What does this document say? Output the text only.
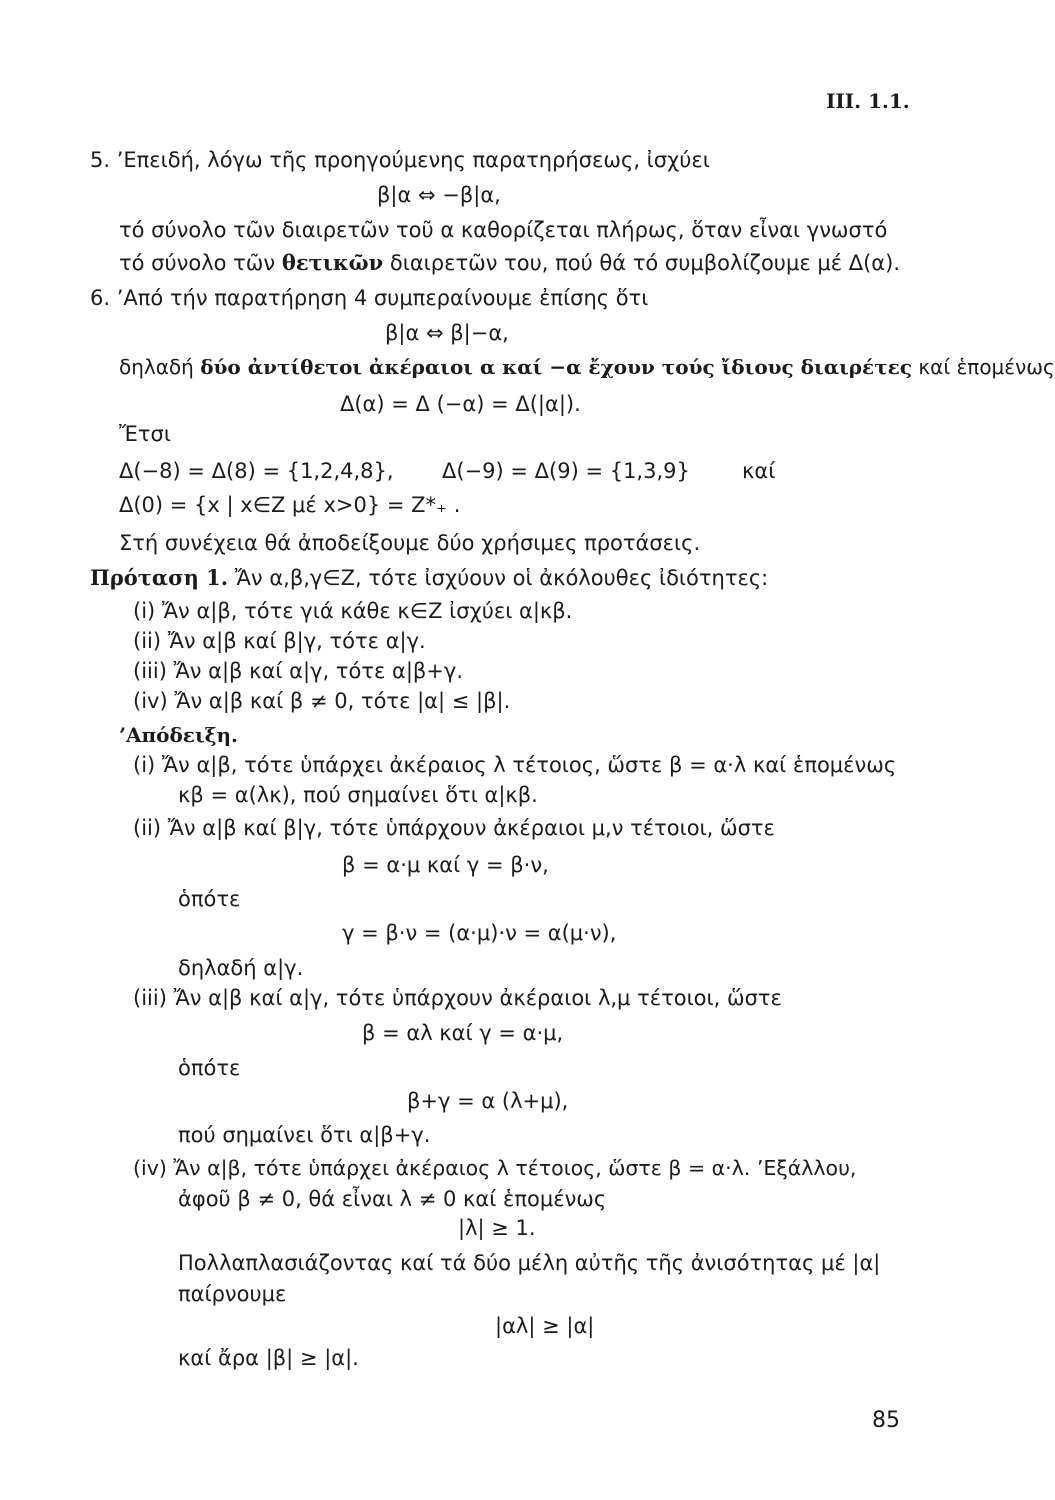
III. 1.1.
5. ’Επειδή, λόγω τῆς προηγούμενης παρατηρήσεως, ἰσχύει
β|α ⇔ −β|α,
τό σύνολο τῶν διαιρετῶν τοῦ α καθορίζεται πλήρως, ὅταν εἶναι γνωστό
τό σύνολο τῶν θετικῶν διαιρετῶν του, πού θά τό συμβολίζουμε μέ Δ(α).
6. ’Από τήν παρατήρηση 4 συμπεραίνουμε ἐπίσης ὅτι
β|α ⇔ β|−α,
δηλαδή δύο ἀντίθετοι ἀκέραιοι α καί −α ἔχουν τούς ἴδιους διαιρέτες καί ἑπομένως
Δ(α) = Δ (−α) = Δ(|α|).
Ἔτσι
Δ(−8) = Δ(8) = {1,2,4,8}, Δ(−9) = Δ(9) = {1,3,9} καί
Δ(0) = {x | x∈Z μέ x>0} = Z*₊ .
Στή συνέχεια θά ἀποδείξουμε δύο χρήσιμες προτάσεις.
Πρόταση 1. Ἄν α,β,γ∈Z, τότε ἰσχύουν οἱ ἀκόλουθες ἰδιότητες:
(i) Ἄν α|β, τότε γιά κάθε κ∈Z ἰσχύει α|κβ.
(ii) Ἄν α|β καί β|γ, τότε α|γ.
(iii) Ἄν α|β καί α|γ, τότε α|β+γ.
(iv) Ἄν α|β καί β ≠ 0, τότε |α| ≤ |β|.
’Απόδειξη.
(i) Ἄν α|β, τότε ὑπάρχει ἀκέραιος λ τέτοιος, ὥστε β = α·λ καί ἑπομένως
κβ = α(λκ), πού σημαίνει ὅτι α|κβ.
(ii) Ἄν α|β καί β|γ, τότε ὑπάρχουν ἀκέραιοι μ,ν τέτοιοι, ὥστε
β = α·μ καί γ = β·ν,
ὁπότε
γ = β·ν = (α·μ)·ν = α(μ·ν),
δηλαδή α|γ.
(iii) Ἄν α|β καί α|γ, τότε ὑπάρχουν ἀκέραιοι λ,μ τέτοιοι, ὥστε
β = αλ καί γ = α·μ,
ὁπότε
β+γ = α (λ+μ),
πού σημαίνει ὅτι α|β+γ.
(iv) Ἄν α|β, τότε ὑπάρχει ἀκέραιος λ τέτοιος, ὥστε β = α·λ. ’Εξάλλου,
ἀφοῦ β ≠ 0, θά εἶναι λ ≠ 0 καί ἑπομένως
|λ| ≥ 1.
Πολλαπλασιάζοντας καί τά δύο μέλη αὐτῆς τῆς ἀνισότητας μέ |α|
παίρνουμε
|αλ| ≥ |α|
καί ἄρα |β| ≥ |α|.
85
